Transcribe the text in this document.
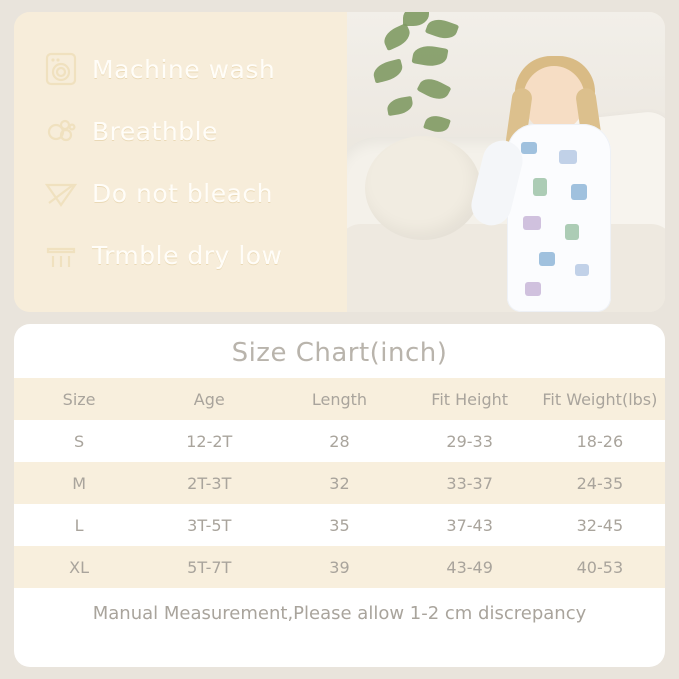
Machine wash
Breathble
Do not bleach
Trmble dry low
Size Chart(inch)
Size	Age	Length	Fit Height	Fit Weight(lbs)
S	12-2T	28	29-33	18-26
M	2T-3T	32	33-37	24-35
L	3T-5T	35	37-43	32-45
XL	5T-7T	39	43-49	40-53
Manual Measurement,Please allow 1-2 cm discrepancy
